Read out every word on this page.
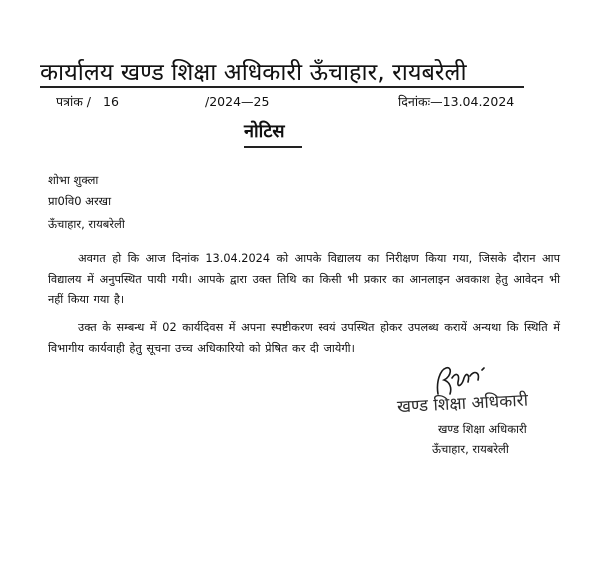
कार्यालय खण्ड शिक्षा अधिकारी ऊँचाहार, रायबरेली
पत्रांक / 16	/2024—25	दिनांकः—13.04.2024
नोटिस
शोभा शुक्ला
प्रा0वि0 अरखा
ऊँचाहार, रायबरेली

अवगत हो कि आज दिनांक 13.04.2024 को आपके विद्यालय का निरीक्षण किया गया, जिसके दौरान आप विद्यालय में अनुपस्थित पायी गयी। आपके द्वारा उक्त तिथि का किसी भी प्रकार का आनलाइन अवकाश हेतु आवेदन भी नहीं किया गया है।

उक्त के सम्बन्ध में 02 कार्यदिवस में अपना स्पष्टीकरण स्वयं उपस्थित होकर उपलब्ध करायें अन्यथा कि स्थिति में विभागीय कार्यवाही हेतु सूचना उच्च अधिकारियो को प्रेषित कर दी जायेगी।

खण्ड शिक्षा अधिकारी
खण्ड शिक्षा अधिकारी
ऊँचाहार, रायबरेली
